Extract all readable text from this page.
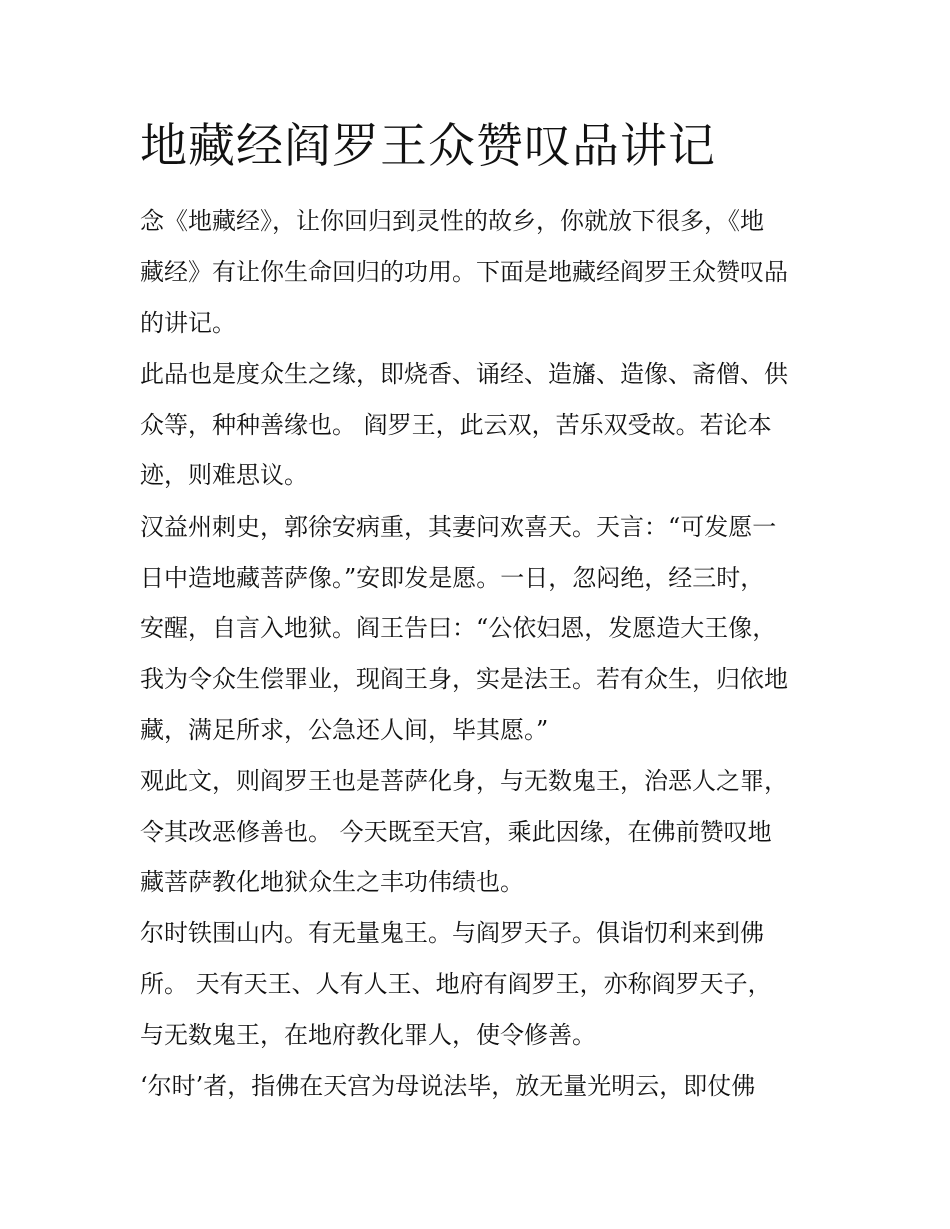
地藏经阎罗王众赞叹品讲记

念《地藏经》，让你回归到灵性的故乡，你就放下很多，《地

藏经》有让你生命回归的功用。下面是地藏经阎罗王众赞叹品

的讲记。

此品也是度众生之缘，即烧香、诵经、造旛、造像、斋僧、供

众等，种种善缘也。 阎罗王，此云双，苦乐双受故。若论本

迹，则难思议。

汉益州刺史，郭徐安病重，其妻问欢喜天。天言：“可发愿一

日中造地藏菩萨像。”安即发是愿。一日，忽闷绝，经三时，

安醒，自言入地狱。阎王告曰：“公依妇恩，发愿造大王像，

我为令众生偿罪业，现阎王身，实是法王。若有众生，归依地

藏，满足所求，公急还人间，毕其愿。”

观此文，则阎罗王也是菩萨化身，与无数鬼王，治恶人之罪，

令其改恶修善也。 今天既至天宫，乘此因缘，在佛前赞叹地

藏菩萨教化地狱众生之丰功伟绩也。

尔时铁围山内。有无量鬼王。与阎罗天子。俱诣忉利来到佛

所。 天有天王、人有人王、地府有阎罗王，亦称阎罗天子，

与无数鬼王，在地府教化罪人，使令修善。

‘尔时’者，指佛在天宫为母说法毕，放无量光明云，即仗佛
